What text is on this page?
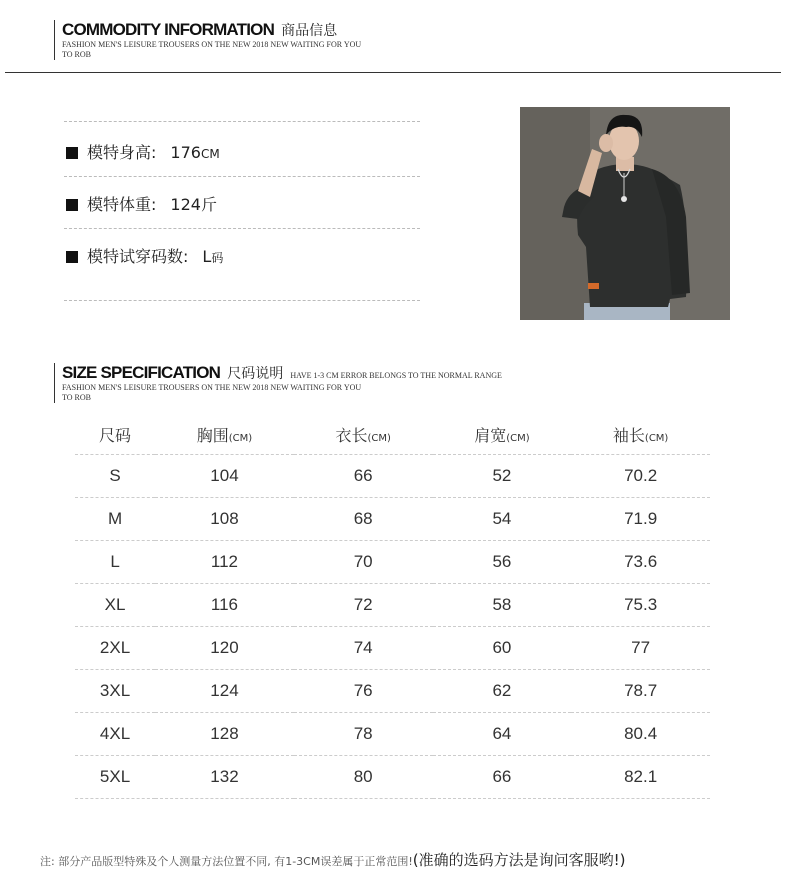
COMMODITY INFORMATION 商品信息
FASHION MEN'S LEISURE TROUSERS ON THE NEW 2018 NEW WAITING FOR YOU TO ROB
模特身高: 176CM
模特体重: 124斤
模特试穿码数: L码
SIZE SPECIFICATION 尺码说明 HAVE 1-3 CM ERROR BELONGS TO THE NORMAL RANGE
FASHION MEN'S LEISURE TROUSERS ON THE NEW 2018 NEW WAITING FOR YOU TO ROB
尺码	胸围(CM)	衣长(CM)	肩宽(CM)	袖长(CM)
S	104	66	52	70.2
M	108	68	54	71.9
L	112	70	56	73.6
XL	116	72	58	75.3
2XL	120	74	60	77
3XL	124	76	62	78.7
4XL	128	78	64	80.4
5XL	132	80	66	82.1
注: 部分产品版型特殊及个人测量方法位置不同, 有1-3CM误差属于正常范围!(准确的选码方法是询问客服哟!)
